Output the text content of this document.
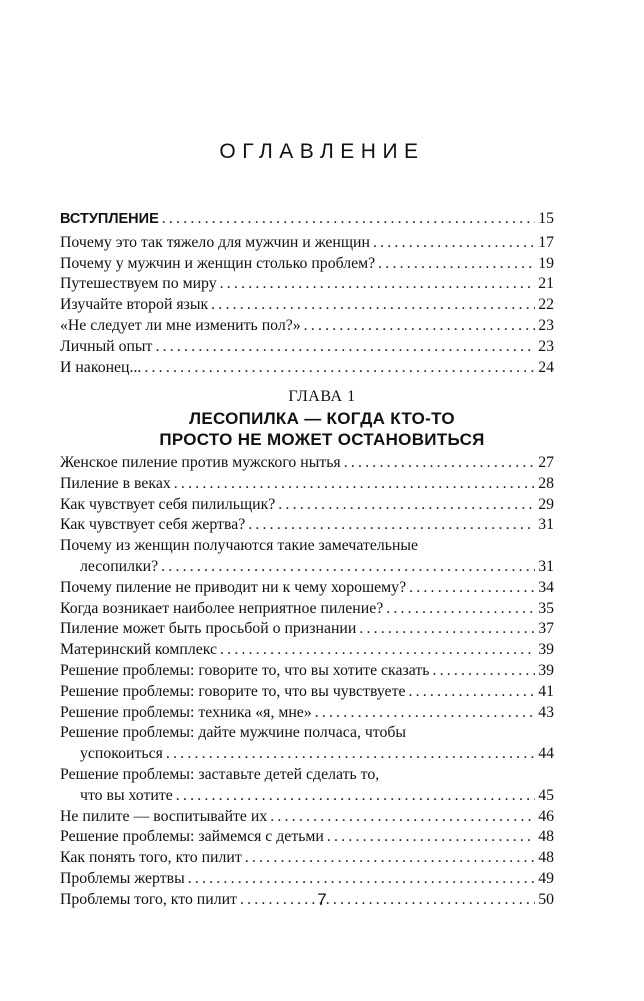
ОГЛАВЛЕНИЕ
ВСТУПЛЕНИЕ .....	15
Почему это так тяжело для мужчин и женщин .....	17
Почему у мужчин и женщин столько проблем? .....	19
Путешествуем по миру .....	21
Изучайте второй язык .....	22
«Не следует ли мне изменить пол?» .....	23
Личный опыт .....	23
И наконец... .....	24
ГЛАВА 1
ЛЕСОПИЛКА — КОГДА КТО-ТО
ПРОСТО НЕ МОЖЕТ ОСТАНОВИТЬСЯ
Женское пиление против мужского нытья .....	27
Пиление в веках .....	28
Как чувствует себя пилильщик? .....	29
Как чувствует себя жертва? .....	31
Почему из женщин получаются такие замечательные
лесопилки? .....	31
Почему пиление не приводит ни к чему хорошему? .....	34
Когда возникает наиболее неприятное пиление? .....	35
Пиление может быть просьбой о признании .....	37
Материнский комплекс .....	39
Решение проблемы: говорите то, что вы хотите сказать .....	39
Решение проблемы: говорите то, что вы чувствуете .....	41
Решение проблемы: техника «я, мне» .....	43
Решение проблемы: дайте мужчине полчаса, чтобы
успокоиться .....	44
Решение проблемы: заставьте детей сделать то,
что вы хотите .....	45
Не пилите — воспитывайте их .....	46
Решение проблемы: займемся с детьми .....	48
Как понять того, кто пилит .....	48
Проблемы жертвы .....	49
Проблемы того, кто пилит .....	50
7
